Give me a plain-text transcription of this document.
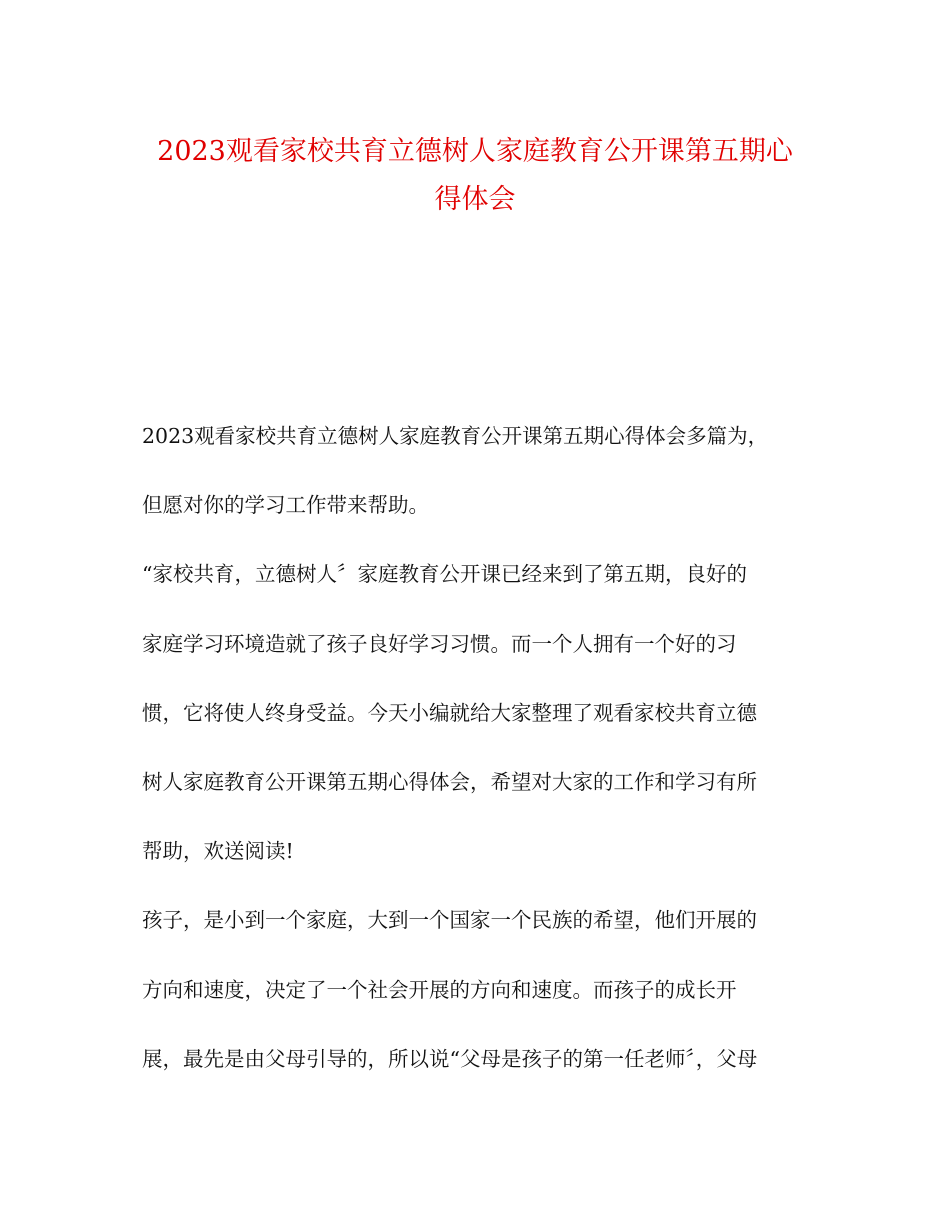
2023观看家校共育立德树人家庭教育公开课第五期心
得体会
2023观看家校共育立德树人家庭教育公开课第五期心得体会多篇为，
但愿对你的学习工作带来帮助。
“家校共育，立德树人〞家庭教育公开课已经来到了第五期，良好的
家庭学习环境造就了孩子良好学习习惯。而一个人拥有一个好的习
惯，它将使人终身受益。今天小编就给大家整理了观看家校共育立德
树人家庭教育公开课第五期心得体会，希望对大家的工作和学习有所
帮助，欢送阅读!
孩子，是小到一个家庭，大到一个国家一个民族的希望，他们开展的
方向和速度，决定了一个社会开展的方向和速度。而孩子的成长开
展，最先是由父母引导的，所以说“父母是孩子的第一任老师〞，父母
